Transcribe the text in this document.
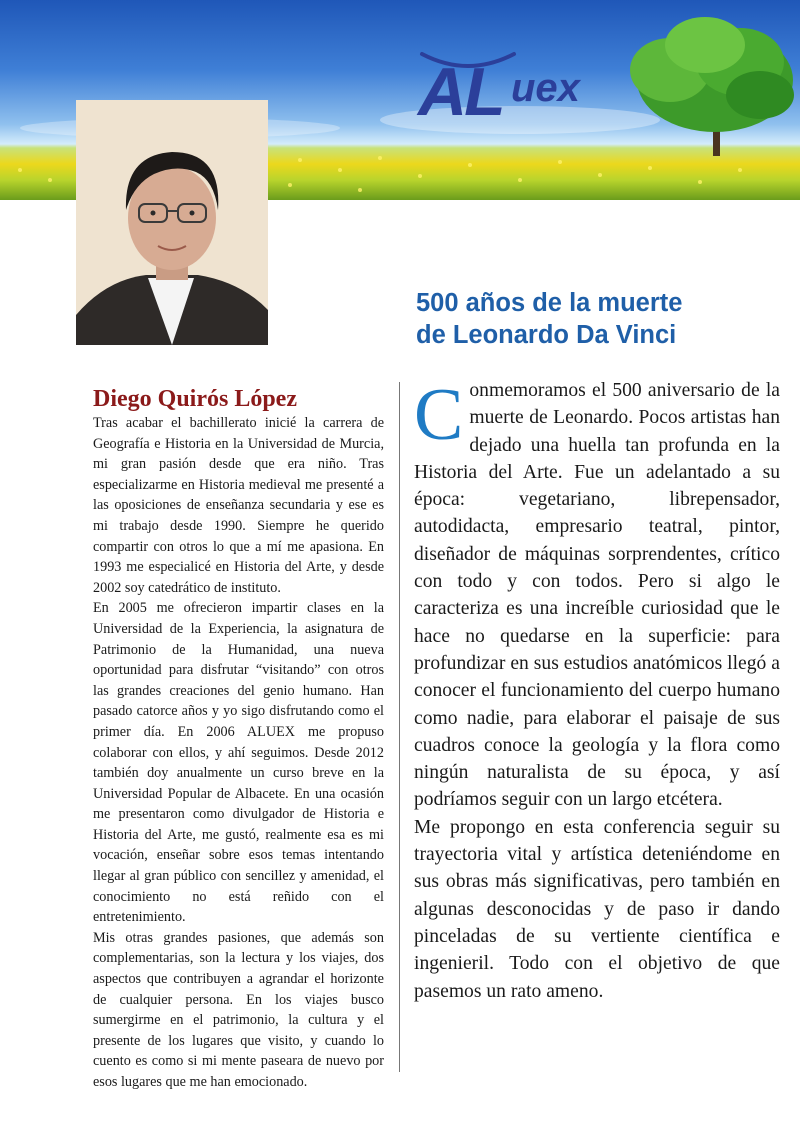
AL uex
500 años de la muerte
de Leonardo Da Vinci
Diego Quirós López

Tras acabar el bachillerato inicié la carrera de Geografía e Historia en la Universidad de Murcia, mi gran pasión desde que era niño. Tras especializarme en Historia medieval me presenté a las oposiciones de enseñanza secundaria y ese es mi trabajo desde 1990. Siempre he querido compartir con otros lo que a mí me apasiona. En 1993 me especialicé en Historia del Arte, y desde 2002 soy catedrático de instituto.

En 2005 me ofrecieron impartir clases en la Universidad de la Experiencia, la asignatura de Patrimonio de la Humanidad, una nueva oportunidad para disfrutar “visitando” con otros las grandes creaciones del genio humano. Han pasado catorce años y yo sigo disfrutando como el primer día. En 2006 ALUEX me propuso colaborar con ellos, y ahí seguimos. Desde 2012 también doy anualmente un curso breve en la Universidad Popular de Albacete. En una ocasión me presentaron como divulgador de Historia e Historia del Arte, me gustó, realmente esa es mi vocación, enseñar sobre esos temas intentando llegar al gran público con sencillez y amenidad, el conocimiento no está reñido con el entretenimiento.

Mis otras grandes pasiones, que además son complementarias, son la lectura y los viajes, dos aspectos que contribuyen a agrandar el horizonte de cualquier persona. En los viajes busco sumergirme en el patrimonio, la cultura y el presente de los lugares que visito, y cuando lo cuento es como si mi mente paseara de nuevo por esos lugares que me han emocionado.

Conmemoramos el 500 aniversario de la muerte de Leonardo. Pocos artistas han dejado una huella tan profunda en la Historia del Arte. Fue un adelantado a su época: vegetariano, librepensador, autodidacta, empresario teatral, pintor, diseñador de máquinas sorprendentes, crítico con todo y con todos. Pero si algo le caracteriza es una increíble curiosidad que le hace no quedarse en la superficie: para profundizar en sus estudios anatómicos llegó a conocer el funcionamiento del cuerpo humano como nadie, para elaborar el paisaje de sus cuadros conoce la geología y la flora como ningún naturalista de su época, y así podríamos seguir con un largo etcétera.

Me propongo en esta conferencia seguir su trayectoria vital y artística deteniéndome en sus obras más significativas, pero también en algunas desconocidas y de paso ir dando pinceladas de su vertiente científica e ingenieril. Todo con el objetivo de que pasemos un rato ameno.
